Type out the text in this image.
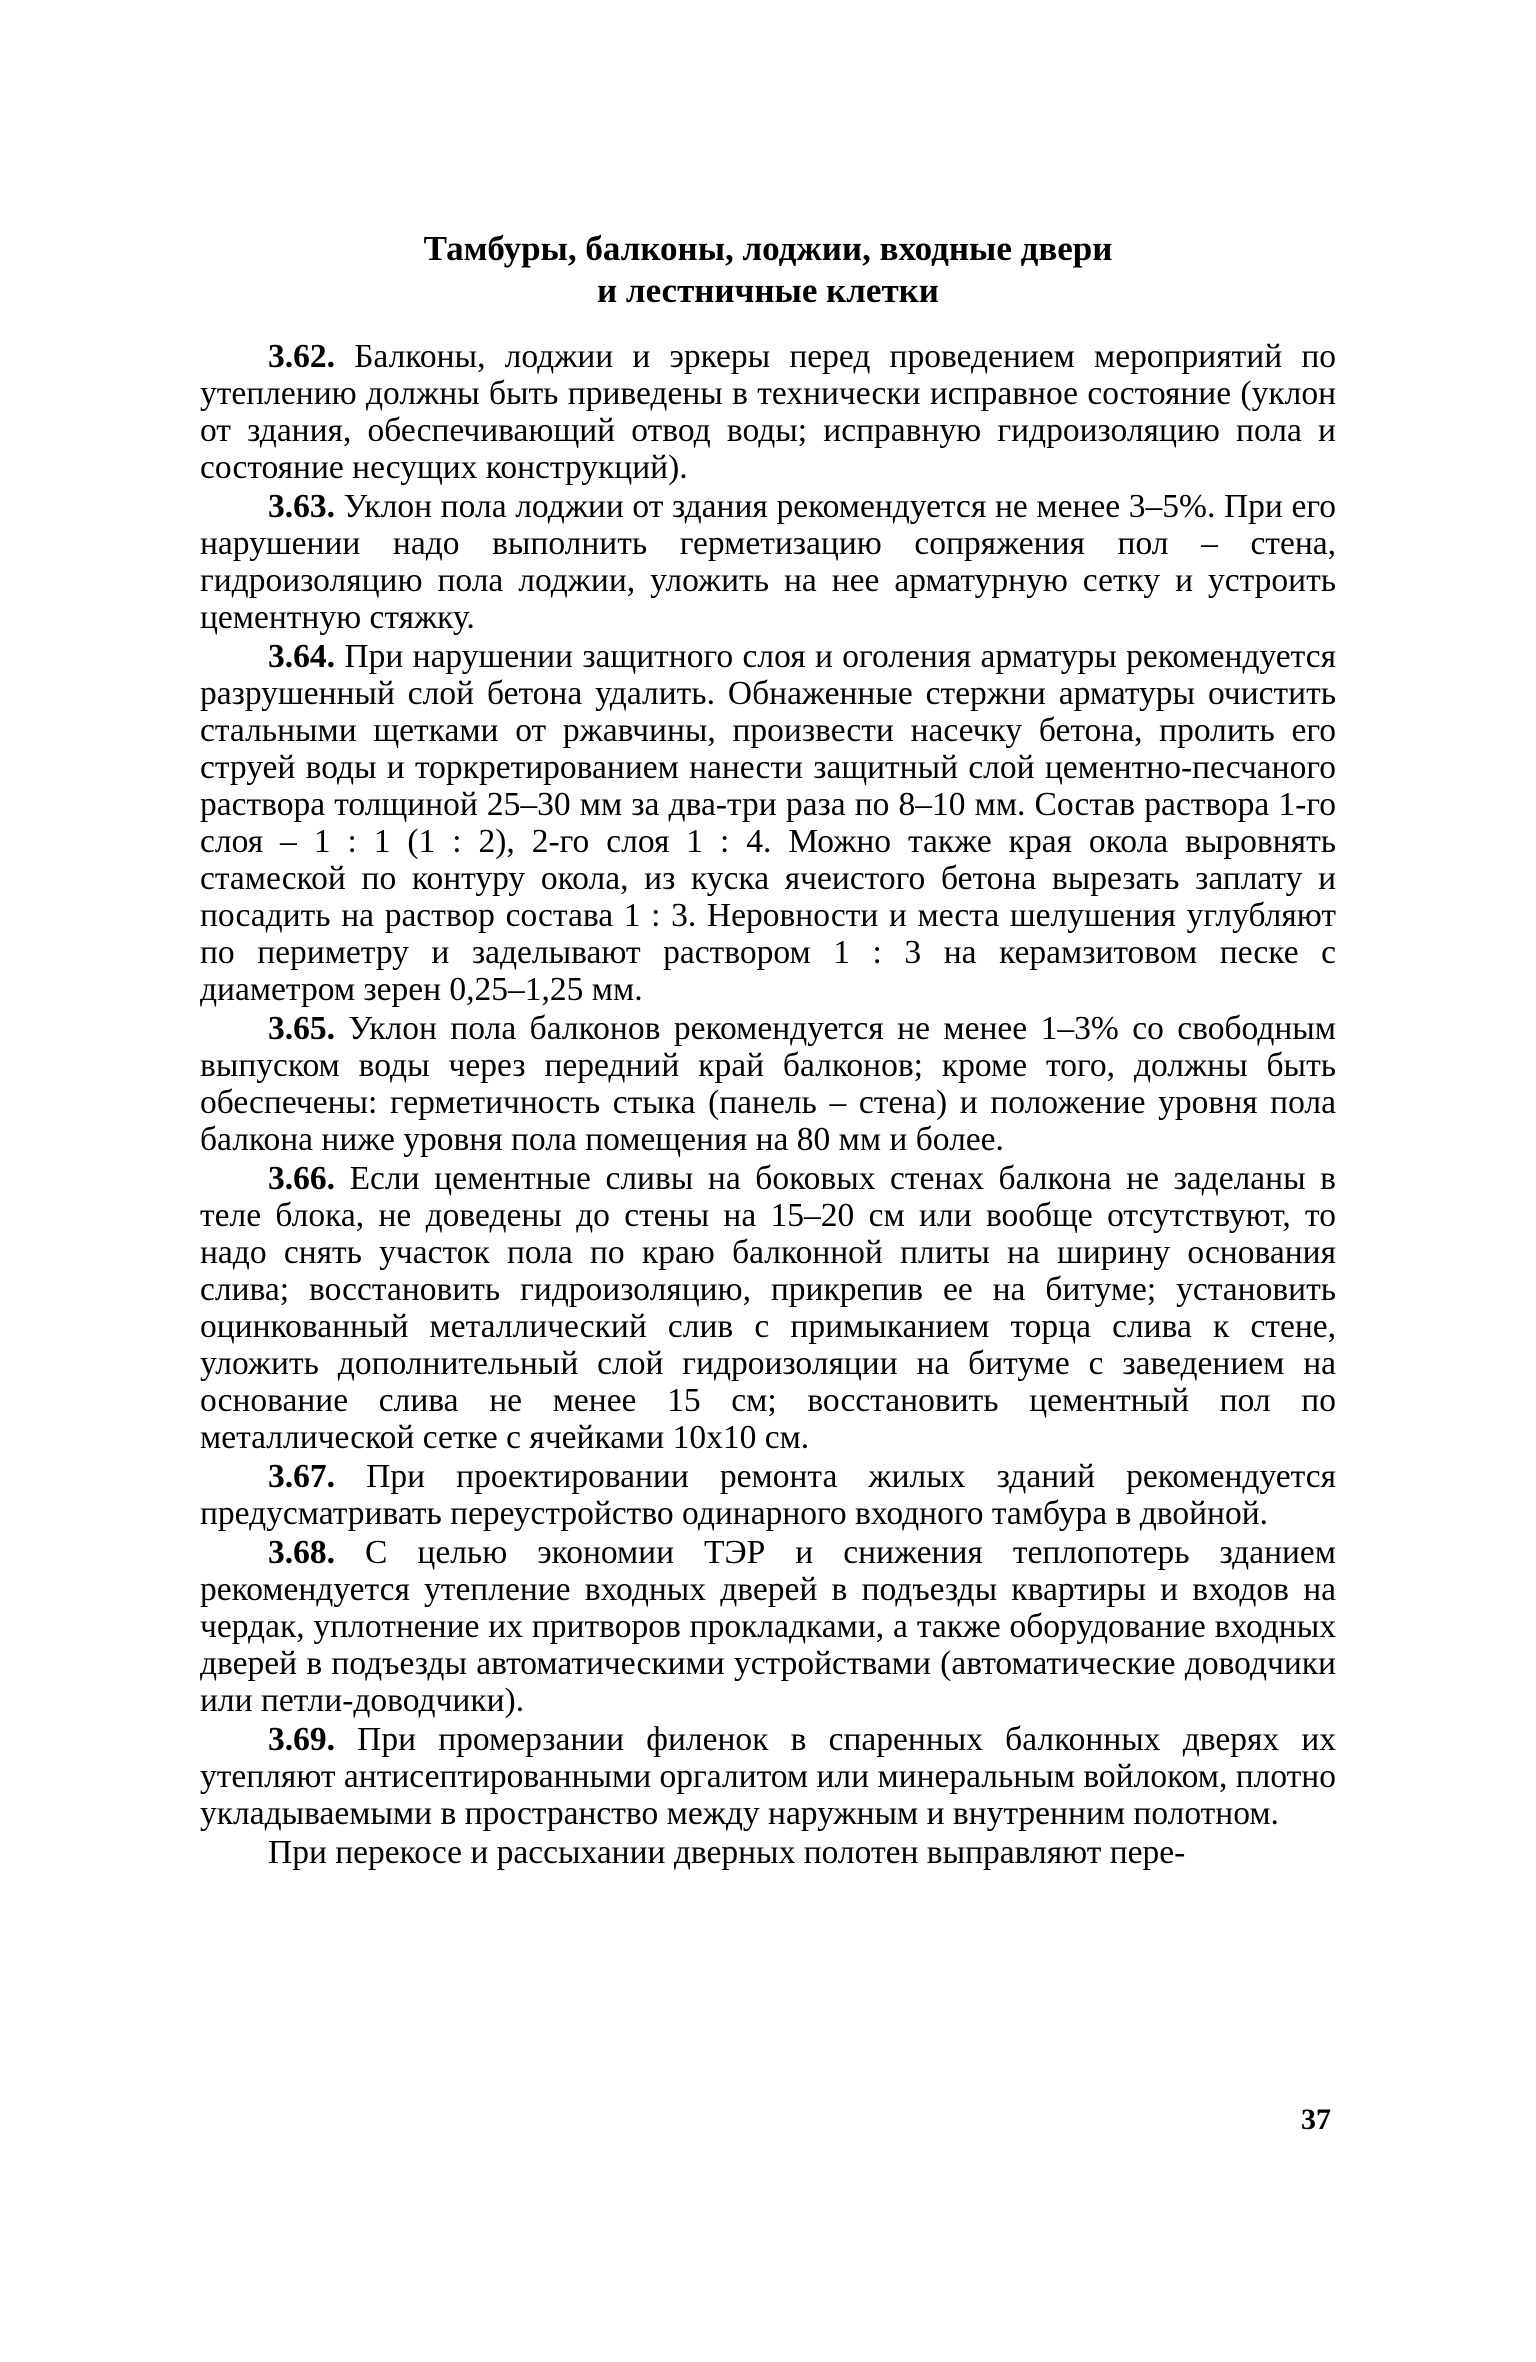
Тамбуры, балконы, лоджии, входные двери
и лестничные клетки

3.62. Балконы, лоджии и эркеры перед проведением мероприятий по утеплению должны быть приведены в технически исправное состояние (уклон от здания, обеспечивающий отвод воды; исправную гидроизоляцию пола и состояние несущих конструкций).

3.63. Уклон пола лоджии от здания рекомендуется не менее 3–5%. При его нарушении надо выполнить герметизацию сопряжения пол – стена, гидроизоляцию пола лоджии, уложить на нее арматурную сетку и устроить цементную стяжку.

3.64. При нарушении защитного слоя и оголения арматуры рекомендуется разрушенный слой бетона удалить. Обнаженные стержни арматуры очистить стальными щетками от ржавчины, произвести насечку бетона, пролить его струей воды и торкретированием нанести защитный слой цементно-песчаного раствора толщиной 25–30 мм за два-три раза по 8–10 мм. Состав раствора 1-го слоя – 1 : 1 (1 : 2), 2-го слоя 1 : 4. Можно также края окола выровнять стамеской по контуру окола, из куска ячеистого бетона вырезать заплату и посадить на раствор состава 1 : 3. Неровности и места шелушения углубляют по периметру и заделывают раствором 1 : 3 на керамзитовом песке с диаметром зерен 0,25–1,25 мм.

3.65. Уклон пола балконов рекомендуется не менее 1–3% со свободным выпуском воды через передний край балконов; кроме того, должны быть обеспечены: герметичность стыка (панель – стена) и положение уровня пола балкона ниже уровня пола помещения на 80 мм и более.

3.66. Если цементные сливы на боковых стенах балкона не заделаны в теле блока, не доведены до стены на 15–20 см или вообще отсутствуют, то надо снять участок пола по краю балконной плиты на ширину основания слива; восстановить гидроизоляцию, прикрепив ее на битуме; установить оцинкованный металлический слив с примыканием торца слива к стене, уложить дополнительный слой гидроизоляции на битуме с заведением на основание слива не менее 15 см; восстановить цементный пол по металлической сетке с ячейками 10х10 см.

3.67. При проектировании ремонта жилых зданий рекомендуется предусматривать переустройство одинарного входного тамбура в двойной.

3.68. С целью экономии ТЭР и снижения теплопотерь зданием рекомендуется утепление входных дверей в подъезды квартиры и входов на чердак, уплотнение их притворов прокладками, а также оборудование входных дверей в подъезды автоматическими устройствами (автоматические доводчики или петли-доводчики).

3.69. При промерзании филенок в спаренных балконных дверях их утепляют антисептированными оргалитом или минеральным войлоком, плотно укладываемыми в пространство между наружным и внутренним полотном.

При перекосе и рассыхании дверных полотен выправляют пере-

37
